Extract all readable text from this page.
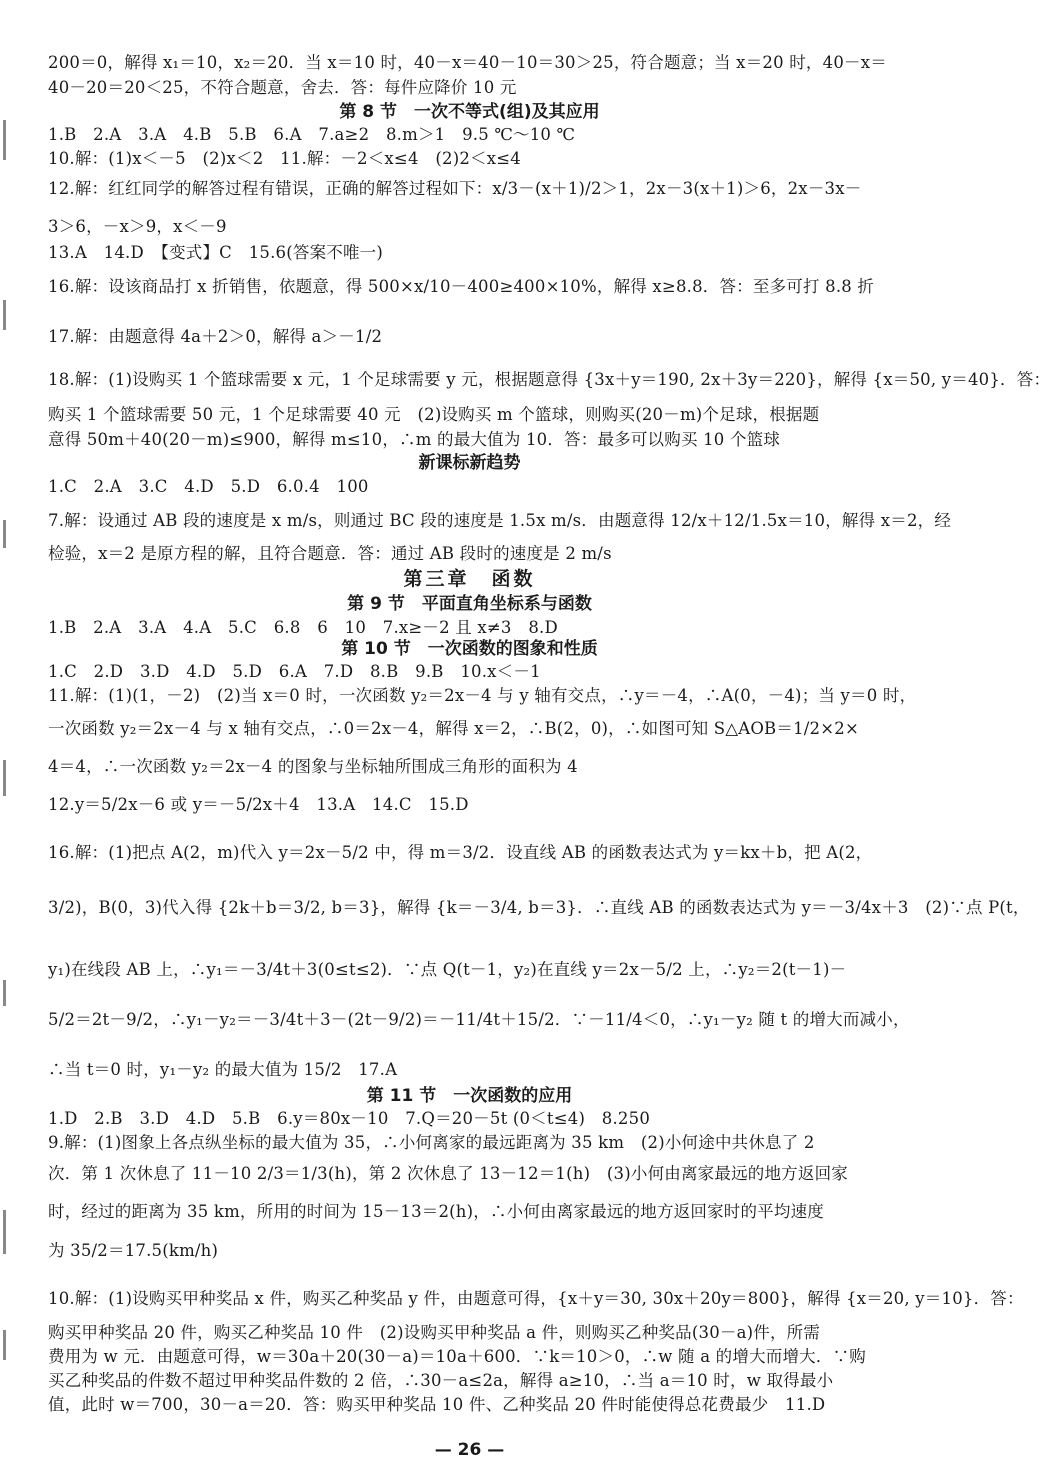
200＝0，解得 x₁＝10，x₂＝20．当 x＝10 时，40－x＝40－10＝30＞25，符合题意；当 x＝20 时，40－x＝
40－20＝20＜25，不符合题意，舍去．答：每件应降价 10 元
第 8 节　一次不等式(组)及其应用
1.B　2.A　3.A　4.B　5.B　6.A　7.a≥2　8.m＞1　9.5 ℃～10 ℃
10.解：(1)x＜－5　(2)x＜2　11.解：－2＜x≤4　(2)2＜x≤4
12.解：红红同学的解答过程有错误，正确的解答过程如下：x/3－(x＋1)/2＞1，2x－3(x＋1)＞6，2x－3x－
3＞6，－x＞9，x＜－9
13.A　14.D　【变式】C　15.6(答案不唯一)
16.解：设该商品打 x 折销售，依题意，得 500×x/10－400≥400×10%，解得 x≥8.8．答：至多可打 8.8 折
17.解：由题意得 4a＋2＞0，解得 a＞－1/2
18.解：(1)设购买 1 个篮球需要 x 元，1 个足球需要 y 元，根据题意得 {3x＋y＝190, 2x＋3y＝220}，解得 {x＝50, y＝40}．答：
购买 1 个篮球需要 50 元，1 个足球需要 40 元　(2)设购买 m 个篮球，则购买(20－m)个足球，根据题
意得 50m＋40(20－m)≤900，解得 m≤10，∴m 的最大值为 10．答：最多可以购买 10 个篮球
新课标新趋势
1.C　2.A　3.C　4.D　5.D　6.0.4　100
7.解：设通过 AB 段的速度是 x m/s，则通过 BC 段的速度是 1.5x m/s．由题意得 12/x＋12/1.5x＝10，解得 x＝2，经
检验，x＝2 是原方程的解，且符合题意．答：通过 AB 段时的速度是 2 m/s
第三章　函数
第 9 节　平面直角坐标系与函数
1.B　2.A　3.A　4.A　5.C　6.8　6　10　7.x≥－2 且 x≠3　8.D
第 10 节　一次函数的图象和性质
1.C　2.D　3.D　4.D　5.D　6.A　7.D　8.B　9.B　10.x＜－1
11.解：(1)(1，－2)　(2)当 x＝0 时，一次函数 y₂＝2x－4 与 y 轴有交点，∴y＝－4，∴A(0，－4)；当 y＝0 时，
一次函数 y₂＝2x－4 与 x 轴有交点，∴0＝2x－4，解得 x＝2，∴B(2，0)，∴如图可知 S△AOB＝1/2×2×
4＝4，∴一次函数 y₂＝2x－4 的图象与坐标轴所围成三角形的面积为 4
12.y＝5/2x－6 或 y＝－5/2x＋4　13.A　14.C　15.D
16.解：(1)把点 A(2，m)代入 y＝2x－5/2 中，得 m＝3/2．设直线 AB 的函数表达式为 y＝kx＋b，把 A(2，
3/2)，B(0，3)代入得 {2k＋b＝3/2, b＝3}，解得 {k＝－3/4, b＝3}．∴直线 AB 的函数表达式为 y＝－3/4x＋3　(2)∵点 P(t，
y₁)在线段 AB 上，∴y₁＝－3/4t＋3(0≤t≤2)．∵点 Q(t－1，y₂)在直线 y＝2x－5/2 上，∴y₂＝2(t－1)－
5/2＝2t－9/2，∴y₁－y₂＝－3/4t＋3－(2t－9/2)＝－11/4t＋15/2．∵－11/4＜0，∴y₁－y₂ 随 t 的增大而减小，
∴当 t＝0 时，y₁－y₂ 的最大值为 15/2　17.A
第 11 节　一次函数的应用
1.D　2.B　3.D　4.D　5.B　6.y＝80x－10　7.Q＝20－5t (0＜t≤4)　8.250
9.解：(1)图象上各点纵坐标的最大值为 35，∴小何离家的最远距离为 35 km　(2)小何途中共休息了 2
次．第 1 次休息了 11－10 2/3＝1/3(h)，第 2 次休息了 13－12＝1(h)　(3)小何由离家最远的地方返回家
时，经过的距离为 35 km，所用的时间为 15－13＝2(h)，∴小何由离家最远的地方返回家时的平均速度
为 35/2＝17.5(km/h)
10.解：(1)设购买甲种奖品 x 件，购买乙种奖品 y 件，由题意可得，{x＋y＝30, 30x＋20y＝800}，解得 {x＝20, y＝10}．答：
购买甲种奖品 20 件，购买乙种奖品 10 件　(2)设购买甲种奖品 a 件，则购买乙种奖品(30－a)件，所需
费用为 w 元．由题意可得，w＝30a＋20(30－a)＝10a＋600．∵k＝10＞0，∴w 随 a 的增大而增大．∵购
买乙种奖品的件数不超过甲种奖品件数的 2 倍，∴30－a≤2a，解得 a≥10，∴当 a＝10 时，w 取得最小
值，此时 w＝700，30－a＝20．答：购买甲种奖品 10 件、乙种奖品 20 件时能使得总花费最少　11.D
— 26 —
